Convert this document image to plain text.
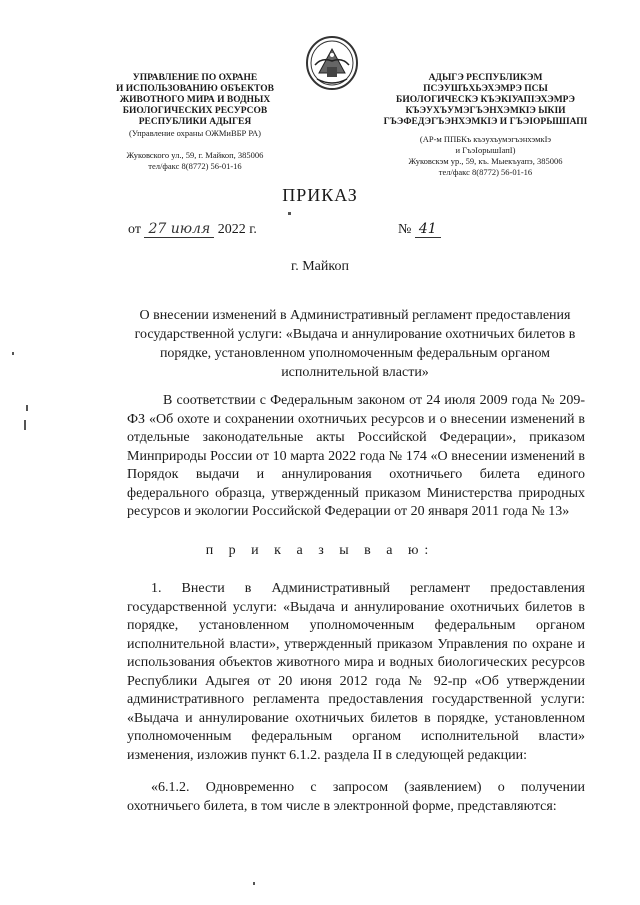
УПРАВЛЕНИЕ ПО ОХРАНЕ
И ИСПОЛЬЗОВАНИЮ ОБЪЕКТОВ
ЖИВОТНОГО МИРА И ВОДНЫХ
БИОЛОГИЧЕСКИХ РЕСУРСОВ
РЕСПУБЛИКИ АДЫГЕЯ
(Управление охраны ОЖМиВБР РА)
Жуковского ул., 59, г. Майкоп, 385006
тел/факс 8(8772) 56-01-16
АДЫГЭ РЕСПУБЛИКЭМ
ПСЭУШЪХЬЭХЭМРЭ ПСЫ
БИОЛОГИЧЕСКЭ КЪЭКIУАПIЭХЭМРЭ
КЪЭУХЪУМЭГЪЭНХЭМКIЭ ЫКIИ
ГЪЭФЕДЭГЪЭНХЭМКIЭ И ГЪЭIОРЫШIАПI
(АР-м ППБКъ къэухъумэгъэнхэмкIэ
и ГъэIорышIапI)
Жуковскэм ур., 59, къ. Мыекъуапэ, 385006
тел/факс 8(8772) 56-01-16
ПРИКАЗ
от 27 июля 2022 г.	№ 41
г. Майкоп
О внесении изменений в Административный регламент предоставления государственной услуги: «Выдача и аннулирование охотничьих билетов в порядке, установленном уполномоченным федеральным органом исполнительной власти»
В соответствии с Федеральным законом от 24 июля 2009 года № 209-ФЗ «Об охоте и сохранении охотничьих ресурсов и о внесении изменений в отдельные законодательные акты Российской Федерации», приказом Минприроды России от 10 марта 2022 года № 174 «О внесении изменений в Порядок выдачи и аннулирования охотничьего билета единого федерального образца, утвержденный приказом Министерства природных ресурсов и экологии Российской Федерации от 20 января 2011 года № 13»
п р и к а з ы в а ю:
1. Внести в Административный регламент предоставления государственной услуги: «Выдача и аннулирование охотничьих билетов в порядке, установленном уполномоченным федеральным органом исполнительной власти», утвержденный приказом Управления по охране и использования объектов животного мира и водных биологических ресурсов Республики Адыгея от 20 июня 2012 года № 92-пр «Об утверждении административного регламента предоставления государственной услуги: «Выдача и аннулирование охотничьих билетов в порядке, установленном уполномоченным федеральным органом исполнительной власти» изменения, изложив пункт 6.1.2. раздела II в следующей редакции:
«6.1.2. Одновременно с запросом (заявлением) о получении охотничьего билета, в том числе в электронной форме, представляются:
